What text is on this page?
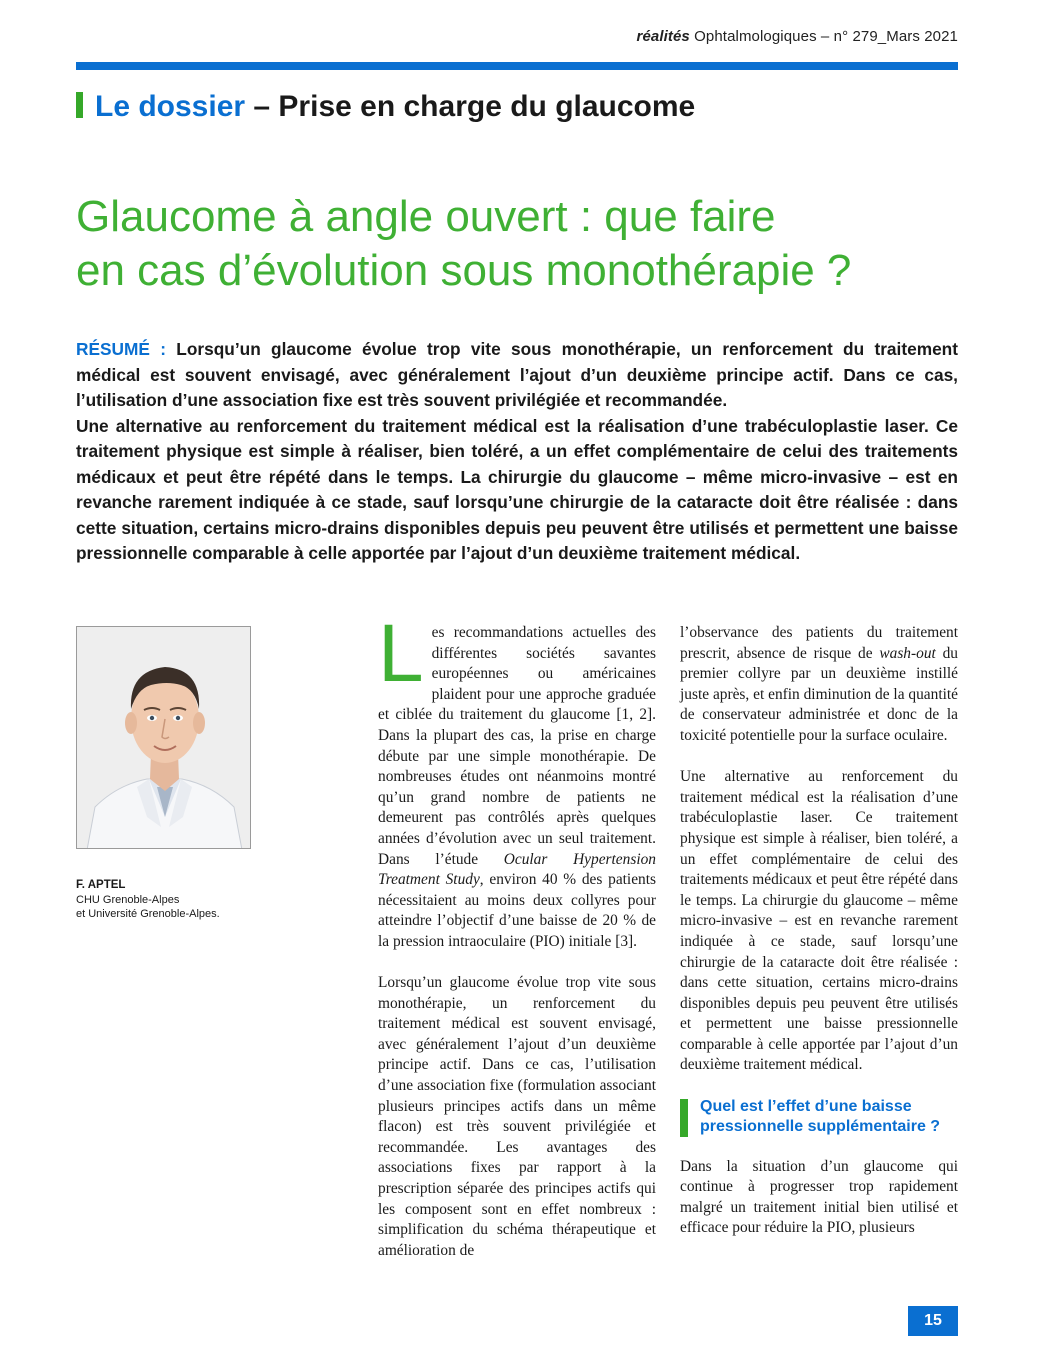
réalités Ophtalmologiques – n° 279_Mars 2021
Le dossier – Prise en charge du glaucome
Glaucome à angle ouvert : que faire
en cas d’évolution sous monothérapie ?

RÉSUMÉ : Lorsqu’un glaucome évolue trop vite sous monothérapie, un renforcement du traitement médical est souvent envisagé, avec généralement l’ajout d’un deuxième principe actif. Dans ce cas, l’utilisation d’une association fixe est très souvent privilégiée et recommandée.

Une alternative au renforcement du traitement médical est la réalisation d’une trabéculoplastie laser. Ce traitement physique est simple à réaliser, bien toléré, a un effet complémentaire de celui des traitements médicaux et peut être répété dans le temps. La chirurgie du glaucome – même micro-invasive – est en revanche rarement indiquée à ce stade, sauf lorsqu’une chirurgie de la cataracte doit être réalisée : dans cette situation, certains micro-drains disponibles depuis peu peuvent être utilisés et permettent une baisse pressionnelle comparable à celle apportée par l’ajout d’un deuxième traitement médical.

F. APTEL
CHU Grenoble-Alpes
et Université Grenoble-Alpes.

Les recommandations actuelles des différentes sociétés savantes européennes ou américaines plaident pour une approche graduée et ciblée du traitement du glaucome [1, 2]. Dans la plupart des cas, la prise en charge débute par une simple monothérapie. De nombreuses études ont néanmoins montré qu’un grand nombre de patients ne demeurent pas contrôlés après quelques années d’évolution avec un seul traitement. Dans l’étude Ocular Hypertension Treatment Study, environ 40 % des patients nécessitaient au moins deux collyres pour atteindre l’objectif d’une baisse de 20 % de la pression intraoculaire (PIO) initiale [3].

Lorsqu’un glaucome évolue trop vite sous monothérapie, un renforcement du traitement médical est souvent envisagé, avec généralement l’ajout d’un deuxième principe actif. Dans ce cas, l’utilisation d’une association fixe (formulation associant plusieurs principes actifs dans un même flacon) est très souvent privilégiée et recommandée. Les avantages des associations fixes par rapport à la prescription séparée des principes actifs qui les composent sont en effet nombreux : simplification du schéma thérapeutique et amélioration de

l’observance des patients du traitement prescrit, absence de risque de wash-out du premier collyre par un deuxième instillé juste après, et enfin diminution de la quantité de conservateur administrée et donc de la toxicité potentielle pour la surface oculaire.

Une alternative au renforcement du traitement médical est la réalisation d’une trabéculoplastie laser. Ce traitement physique est simple à réaliser, bien toléré, a un effet complémentaire de celui des traitements médicaux et peut être répété dans le temps. La chirurgie du glaucome – même micro-invasive – est en revanche rarement indiquée à ce stade, sauf lorsqu’une chirurgie de la cataracte doit être réalisée : dans cette situation, certains micro-drains disponibles depuis peu peuvent être utilisés et permettent une baisse pressionnelle comparable à celle apportée par l’ajout d’un deuxième traitement médical.

Quel est l’effet d’une baisse
pressionnelle supplémentaire ?

Dans la situation d’un glaucome qui continue à progresser trop rapidement malgré un traitement initial bien utilisé et efficace pour réduire la PIO, plusieurs

15
